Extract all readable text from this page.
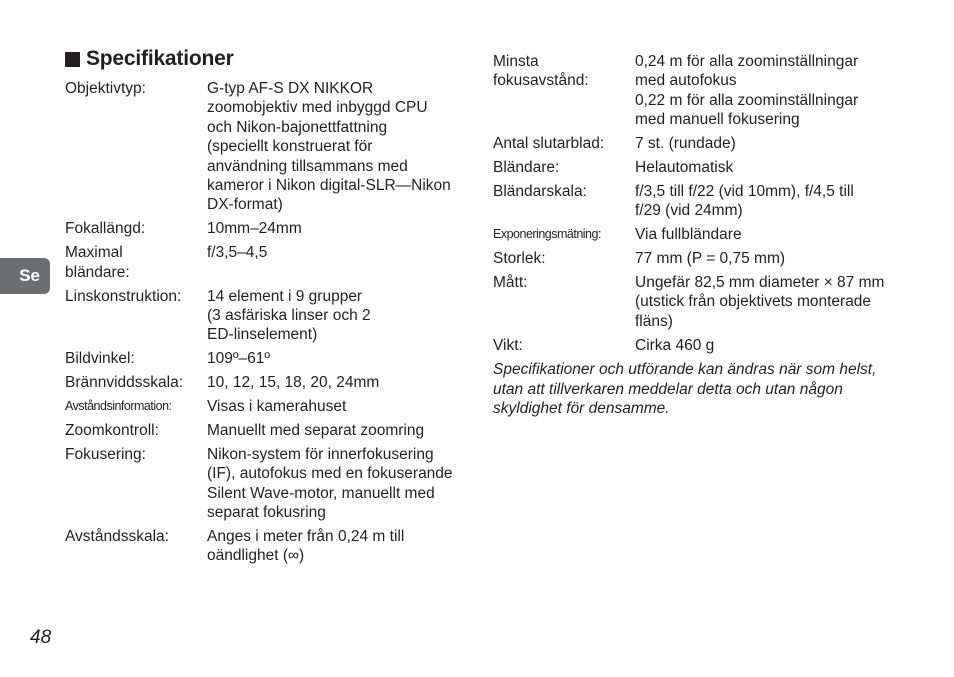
Specifikationer
Objektivtyp:	G-typ AF-S DX NIKKOR
zoomobjektiv med inbyggd CPU
och Nikon-bajonettfattning
(speciellt konstruerat för
användning tillsammans med
kameror i Nikon digital-SLR—Nikon
DX-format)
Fokallängd:	10mm–24mm
Maximal
bländare:
f/3,5–4,5
Linskonstruktion:	14 element i 9 grupper
(3 asfäriska linser och 2
ED-linselement)
Bildvinkel:	109º–61º
Brännviddsskala:	10, 12, 15, 18, 20, 24mm
Avståndsinformation:	Visas i kamerahuset
Zoomkontroll:	Manuellt med separat zoomring
Fokusering:	Nikon-system för innerfokusering
(IF), autofokus med en fokuserande
Silent Wave-motor, manuellt med
separat fokusring
Avståndsskala:	Anges i meter från 0,24 m till
oändlighet (∞)
Minsta
fokusavstånd:
0,24 m för alla zoominställningar
med autofokus
0,22 m för alla zoominställningar
med manuell fokusering
Antal slutarblad:	7 st. (rundade)
Bländare:	Helautomatisk
Bländarskala:	f/3,5 till f/22 (vid 10mm), f/4,5 till
f/29 (vid 24mm)
Exponeringsmätning:	Via fullbländare
Storlek:	77 mm (P = 0,75 mm)
Mått:	Ungefär 82,5 mm diameter × 87 mm
(utstick från objektivets monterade
fläns)
Vikt:	Cirka 460 g
Specifikationer och utförande kan ändras när som helst,
utan att tillverkaren meddelar detta och utan någon
skyldighet för densamme.
Se
48
